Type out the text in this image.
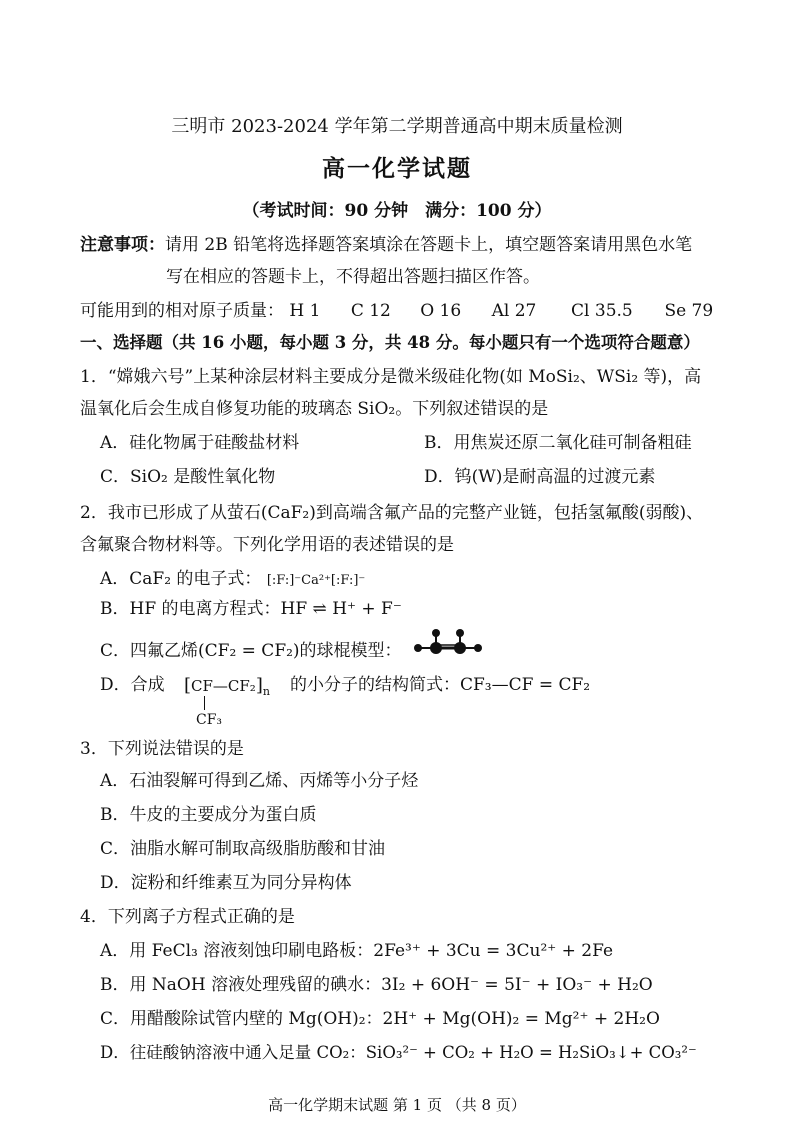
三明市 2023-2024 学年第二学期普通高中期末质量检测
高一化学试题
（考试时间：90 分钟　满分：100 分）
注意事项：请用 2B 铅笔将选择题答案填涂在答题卡上，填空题答案请用黑色水笔
写在相应的答题卡上，不得超出答题扫描区作答。
可能用到的相对原子质量： H 1 C 12 O 16 Al 27 Cl 35.5 Se 79
一、选择题（共 16 小题，每小题 3 分，共 48 分。每小题只有一个选项符合题意）
1．“嫦娥六号”上某种涂层材料主要成分是微米级硅化物(如 MoSi₂、WSi₂ 等)，高
温氧化后会生成自修复功能的玻璃态 SiO₂。下列叙述错误的是
A．硅化物属于硅酸盐材料	B．用焦炭还原二氧化硅可制备粗硅
C．SiO₂ 是酸性氧化物	D．钨(W)是耐高温的过渡元素
2．我市已形成了从萤石(CaF₂)到高端含氟产品的完整产业链，包括氢氟酸(弱酸)、
含氟聚合物材料等。下列化学用语的表述错误的是
A．CaF₂ 的电子式： [:F:]⁻Ca²⁺[:F:]⁻
B．HF 的电离方程式：HF ⇌ H⁺ + F⁻
C．四氟乙烯(CF₂ = CF₂)的球棍模型：
D．合成 $[CF—CF_2]_n$
CF₃
的小分子的结构简式：CF₃—CF = CF₂
3．下列说法错误的是
A．石油裂解可得到乙烯、丙烯等小分子烃
B．牛皮的主要成分为蛋白质
C．油脂水解可制取高级脂肪酸和甘油
D．淀粉和纤维素互为同分异构体
4．下列离子方程式正确的是
A．用 FeCl₃ 溶液刻蚀印刷电路板：2Fe³⁺ + 3Cu = 3Cu²⁺ + 2Fe
B．用 NaOH 溶液处理残留的碘水：3I₂ + 6OH⁻ = 5I⁻ + IO₃⁻ + H₂O
C．用醋酸除试管内壁的 Mg(OH)₂：2H⁺ + Mg(OH)₂ = Mg²⁺ + 2H₂O
D．往硅酸钠溶液中通入足量 CO₂：SiO₃²⁻ + CO₂ + H₂O = H₂SiO₃↓+ CO₃²⁻
高一化学期末试题 第 1 页 （共 8 页）
